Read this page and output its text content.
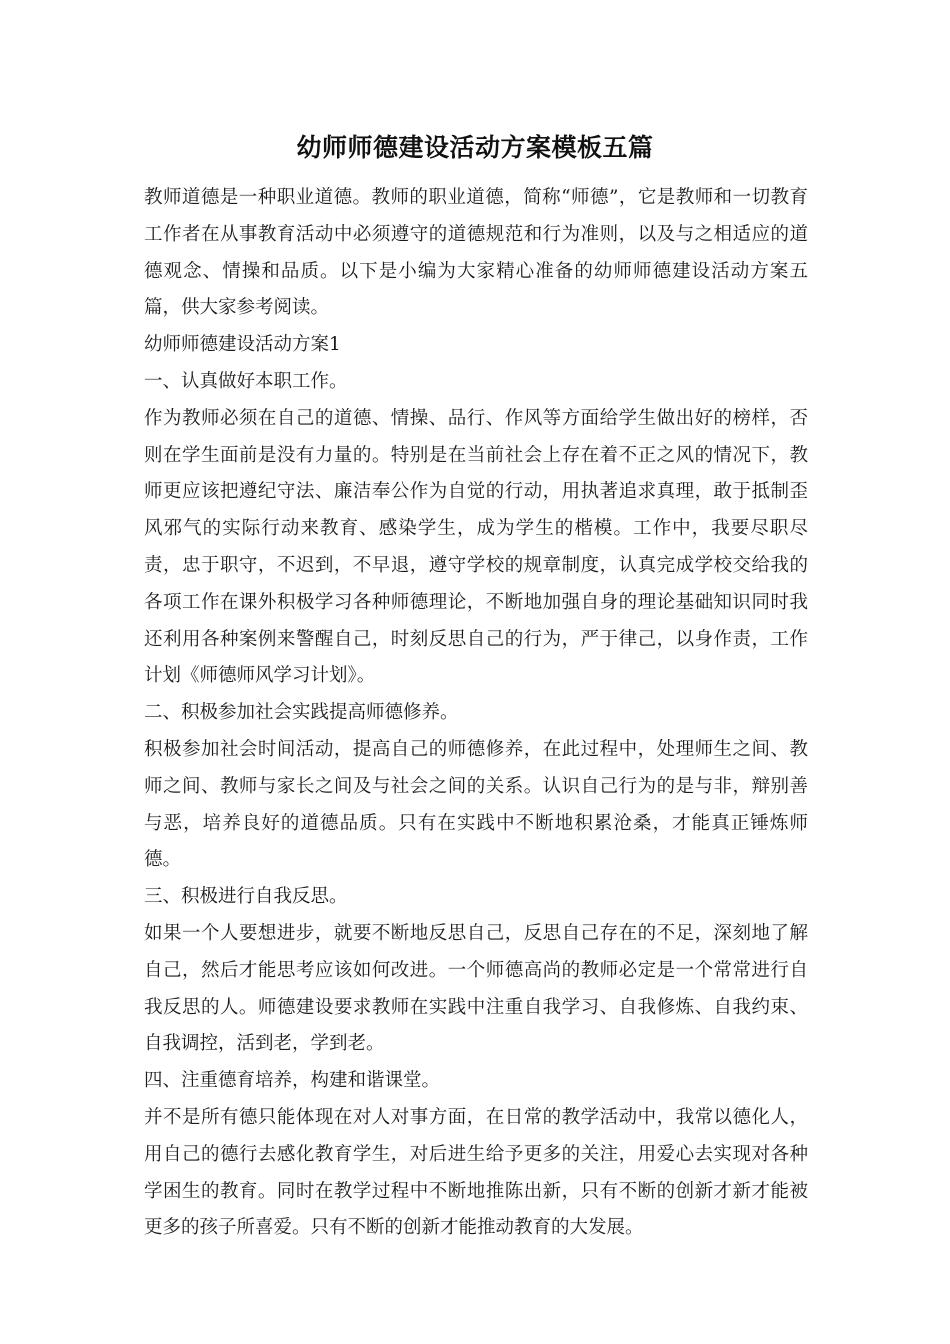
幼师师德建设活动方案模板五篇

教师道德是一种职业道德。教师的职业道德，简称“师德”，它是教师和一切教育工作者在从事教育活动中必须遵守的道德规范和行为准则，以及与之相适应的道德观念、情操和品质。以下是小编为大家精心准备的幼师师德建设活动方案五篇，供大家参考阅读。

幼师师德建设活动方案1

一、认真做好本职工作。

作为教师必须在自己的道德、情操、品行、作风等方面给学生做出好的榜样，否则在学生面前是没有力量的。特别是在当前社会上存在着不正之风的情况下，教师更应该把遵纪守法、廉洁奉公作为自觉的行动，用执著追求真理，敢于抵制歪风邪气的实际行动来教育、感染学生，成为学生的楷模。工作中，我要尽职尽责，忠于职守，不迟到，不早退，遵守学校的规章制度，认真完成学校交给我的各项工作在课外积极学习各种师德理论，不断地加强自身的理论基础知识同时我还利用各种案例来警醒自己，时刻反思自己的行为，严于律己，以身作责，工作计划《师德师风学习计划》。

二、积极参加社会实践提高师德修养。

积极参加社会时间活动，提高自己的师德修养，在此过程中，处理师生之间、教师之间、教师与家长之间及与社会之间的关系。认识自己行为的是与非，辩别善与恶，培养良好的道德品质。只有在实践中不断地积累沧桑，才能真正锤炼师德。

三、积极进行自我反思。

如果一个人要想进步，就要不断地反思自己，反思自己存在的不足，深刻地了解自己，然后才能思考应该如何改进。一个师德高尚的教师必定是一个常常进行自我反思的人。师德建设要求教师在实践中注重自我学习、自我修炼、自我约束、自我调控，活到老，学到老。

四、注重德育培养，构建和谐课堂。

并不是所有德只能体现在对人对事方面，在日常的教学活动中，我常以德化人，用自己的德行去感化教育学生，对后进生给予更多的关注，用爱心去实现对各种学困生的教育。同时在教学过程中不断地推陈出新，只有不断的创新才新才能被更多的孩子所喜爱。只有不断的创新才能推动教育的大发展。
